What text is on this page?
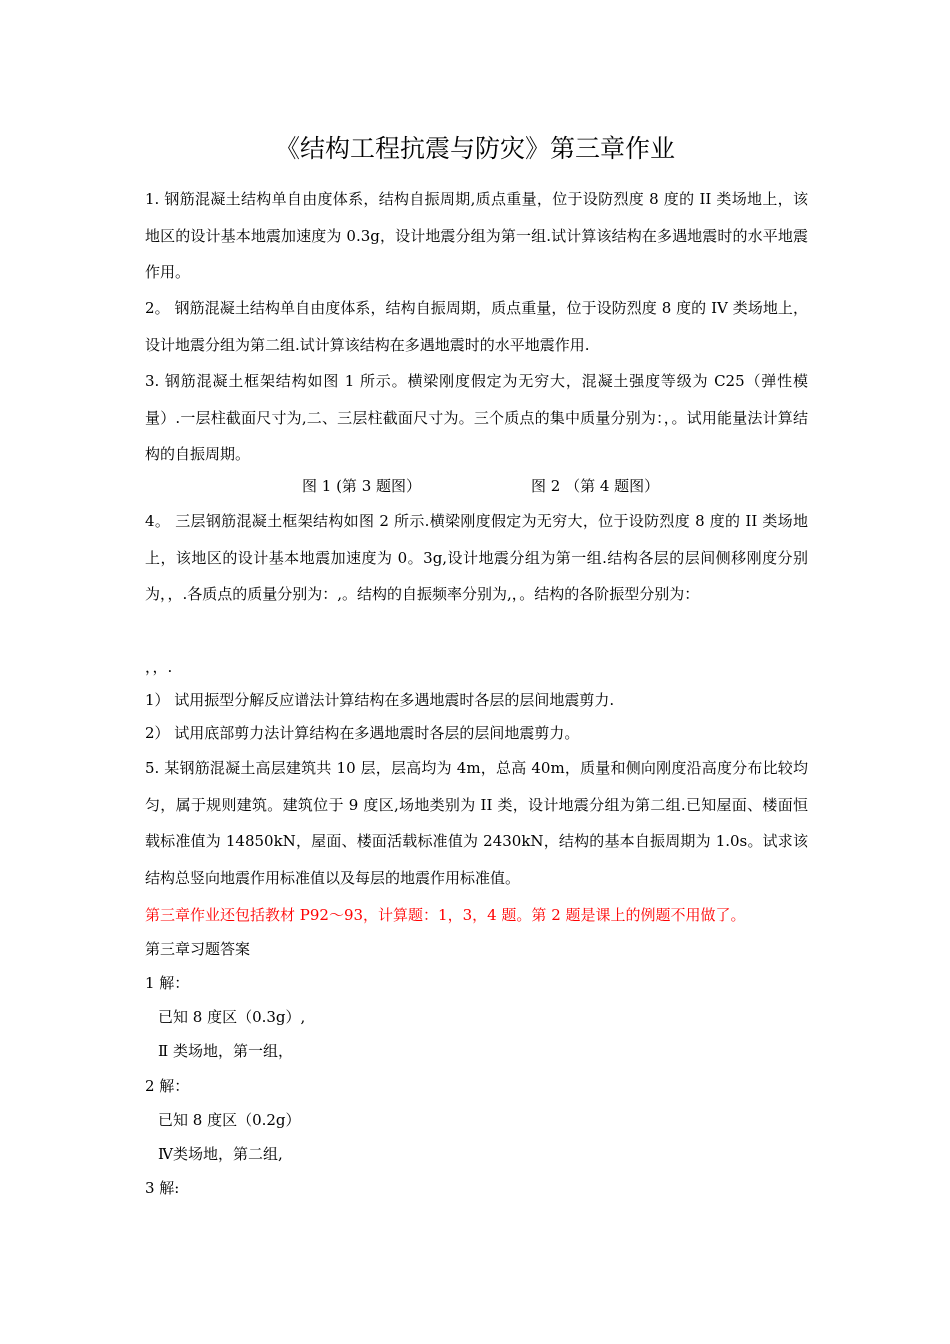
《结构工程抗震与防灾》第三章作业
1. 钢筋混凝土结构单自由度体系，结构自振周期,质点重量，位于设防烈度 8 度的 II 类场地上，该地区的设计基本地震加速度为 0.3g，设计地震分组为第一组.试计算该结构在多遇地震时的水平地震作用。
2。 钢筋混凝土结构单自由度体系，结构自振周期，质点重量，位于设防烈度 8 度的 IV 类场地上，设计地震分组为第二组.试计算该结构在多遇地震时的水平地震作用.
3. 钢筋混凝土框架结构如图 1 所示。横梁刚度假定为无穷大，混凝土强度等级为 C25（弹性模量）.一层柱截面尺寸为,二、三层柱截面尺寸为。三个质点的集中质量分别为：，。试用能量法计算结构的自振周期。
图 1 (第 3 题图）	图 2 （第 4 题图）
4。 三层钢筋混凝土框架结构如图 2 所示.横梁刚度假定为无穷大，位于设防烈度 8 度的 II 类场地上，该地区的设计基本地震加速度为 0。3g,设计地震分组为第一组.结构各层的层间侧移刚度分别为，，.各质点的质量分别为：,。结构的自振频率分别为,，。结构的各阶振型分别为：
，，.
1） 试用振型分解反应谱法计算结构在多遇地震时各层的层间地震剪力.
2） 试用底部剪力法计算结构在多遇地震时各层的层间地震剪力。
5. 某钢筋混凝土高层建筑共 10 层，层高均为 4m，总高 40m，质量和侧向刚度沿高度分布比较均匀，属于规则建筑。建筑位于 9 度区,场地类别为 II 类，设计地震分组为第二组.已知屋面、楼面恒载标准值为 14850kN，屋面、楼面活载标准值为 2430kN，结构的基本自振周期为 1.0s。试求该结构总竖向地震作用标准值以及每层的地震作用标准值。
第三章作业还包括教材 P92～93，计算题：1，3，4 题。第 2 题是课上的例题不用做了。
第三章习题答案
1 解：
已知 8 度区（0.3g）,
Ⅱ 类场地，第一组，
2 解：
已知 8 度区（0.2g）
Ⅳ类场地，第二组,
3 解:
